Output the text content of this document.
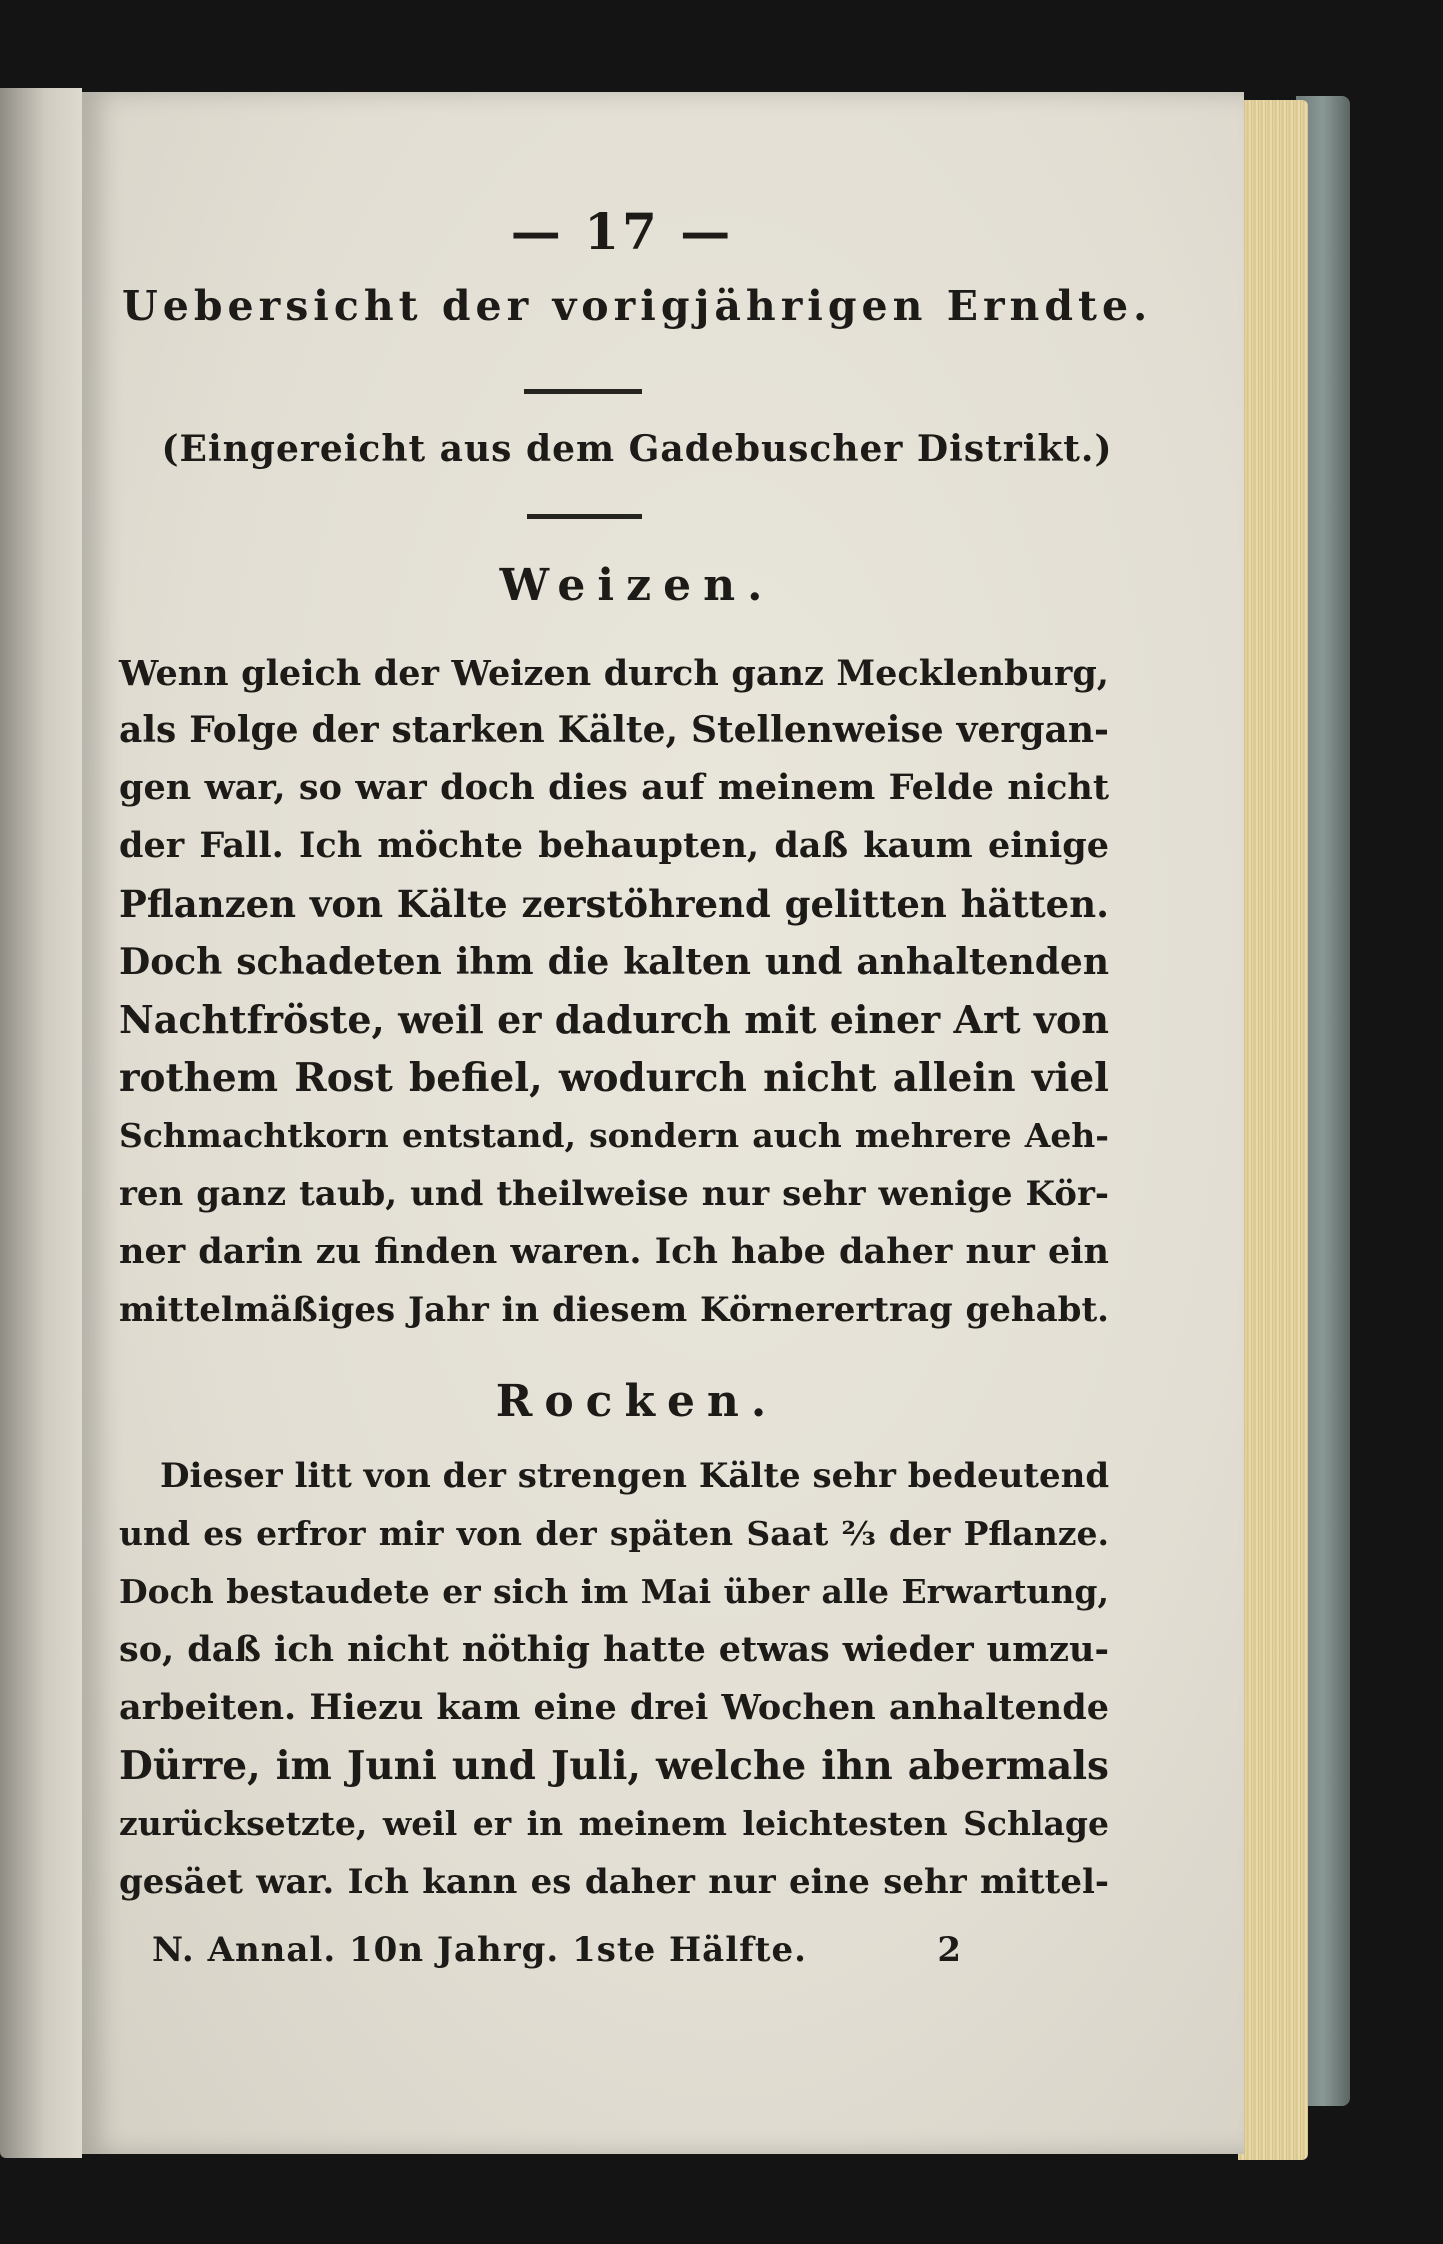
— 17 —
Uebersicht der vorigjährigen Erndte.
(Eingereicht aus dem Gadebuscher Distrikt.)
Weizen.
Wenn gleich der Weizen durch ganz Mecklenburg,
als Folge der starken Kälte, Stellenweise vergan-
gen war, so war doch dies auf meinem Felde nicht
der Fall. Ich möchte behaupten, daß kaum einige
Pflanzen von Kälte zerstöhrend gelitten hätten.
Doch schadeten ihm die kalten und anhaltenden
Nachtfröste, weil er dadurch mit einer Art von
rothem Rost befiel, wodurch nicht allein viel
Schmachtkorn entstand, sondern auch mehrere Aeh-
ren ganz taub, und theilweise nur sehr wenige Kör-
ner darin zu finden waren. Ich habe daher nur ein
mittelmäßiges Jahr in diesem Körnerertrag gehabt.
Rocken.
Dieser litt von der strengen Kälte sehr bedeutend
und es erfror mir von der späten Saat ⅔ der Pflanze.
Doch bestaudete er sich im Mai über alle Erwartung,
so, daß ich nicht nöthig hatte etwas wieder umzu-
arbeiten. Hiezu kam eine drei Wochen anhaltende
Dürre, im Juni und Juli, welche ihn abermals
zurücksetzte, weil er in meinem leichtesten Schlage
gesäet war. Ich kann es daher nur eine sehr mittel-
N. Annal. 10n Jahrg. 1ste Hälfte.	2
